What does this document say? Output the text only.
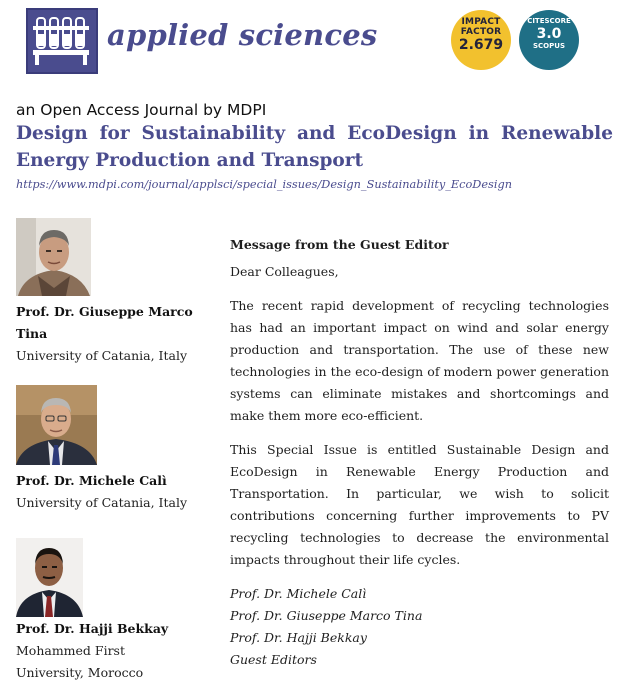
applied sciences	IMPACT
FACTOR
2.679
CITESCORE
3.0
SCOPUS
an Open Access Journal by MDPI
Design for Sustainability and EcoDesign in Renewable Energy Production and Transport
https://www.mdpi.com/journal/applsci/special_issues/Design_Sustainability_EcoDesign
Prof. Dr. Giuseppe Marco Tina
University of Catania, Italy
Prof. Dr. Michele Calì
University of Catania, Italy
Prof. Dr. Hajji Bekkay
Mohammed First University, Morocco

Message from the Guest Editor

Dear Colleagues,

The recent rapid development of recycling technologies has had an important impact on wind and solar energy production and transportation. The use of these new technologies in the eco-design of modern power generation systems can eliminate mistakes and shortcomings and make them more eco-efficient.

This Special Issue is entitled Sustainable Design and EcoDesign in Renewable Energy Production and Transportation. In particular, we wish to solicit contributions concerning further improvements to PV recycling technologies to decrease the environmental impacts throughout their life cycles.

Prof. Dr. Michele Calì

Prof. Dr. Giuseppe Marco Tina

Prof. Dr. Hajji Bekkay

Guest Editors
